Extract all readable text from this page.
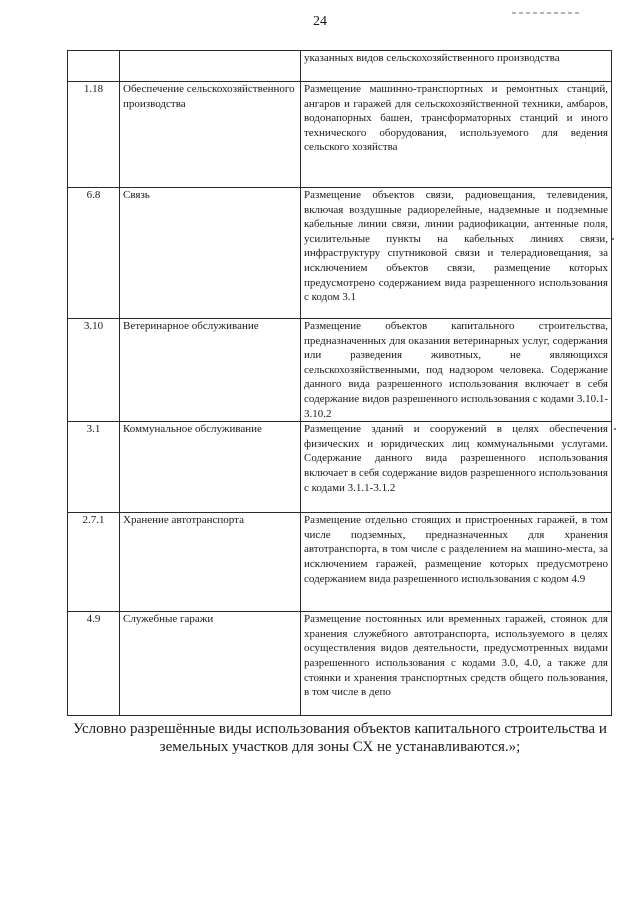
24
		указанных видов сельскохозяйственного производства
1.18	Обеспечение сельскохозяйственного производства	Размещение машинно-транспортных и ремонтных станций, ангаров и гаражей для сельскохозяйственной техники, амбаров, водонапорных башен, трансформаторных станций и иного технического оборудования, используемого для ведения сельского хозяйства
6.8	Связь	Размещение объектов связи, радиовещания, телевидения, включая воздушные радиорелейные, надземные и подземные кабельные линии связи, линии радиофикации, антенные поля, усилительные пункты на кабельных линиях связи, инфраструктуру спутниковой связи и телерадиовещания, за исключением объектов связи, размещение которых предусмотрено содержанием вида разрешенного использования с кодом 3.1
3.10	Ветеринарное обслуживание	Размещение объектов капитального строительства, предназначенных для оказания ветеринарных услуг, содержания или разведения животных, не являющихся сельскохозяйственными, под надзором человека. Содержание данного вида разрешенного использования включает в себя содержание видов разрешенного использования с кодами 3.10.1-3.10.2
3.1	Коммунальное обслуживание	Размещение зданий и сооружений в целях обеспечения физических и юридических лиц коммунальными услугами. Содержание данного вида разрешенного использования включает в себя содержание видов разрешенного использования с кодами 3.1.1-3.1.2
2.7.1	Хранение автотранспорта	Размещение отдельно стоящих и пристроенных гаражей, в том числе подземных, предназначенных для хранения автотранспорта, в том числе с разделением на машино-места, за исключением гаражей, размещение которых предусмотрено содержанием вида разрешенного использования с кодом 4.9
4.9	Служебные гаражи	Размещение постоянных или временных гаражей, стоянок для хранения служебного автотранспорта, используемого в целях осуществления видов деятельности, предусмотренных видами разрешенного использования с кодами 3.0, 4.0, а также для стоянки и хранения транспортных средств общего пользования, в том числе в депо
Условно разрешённые виды использования объектов капитального строительства и земельных участков для зоны СХ не устанавливаются.»;
